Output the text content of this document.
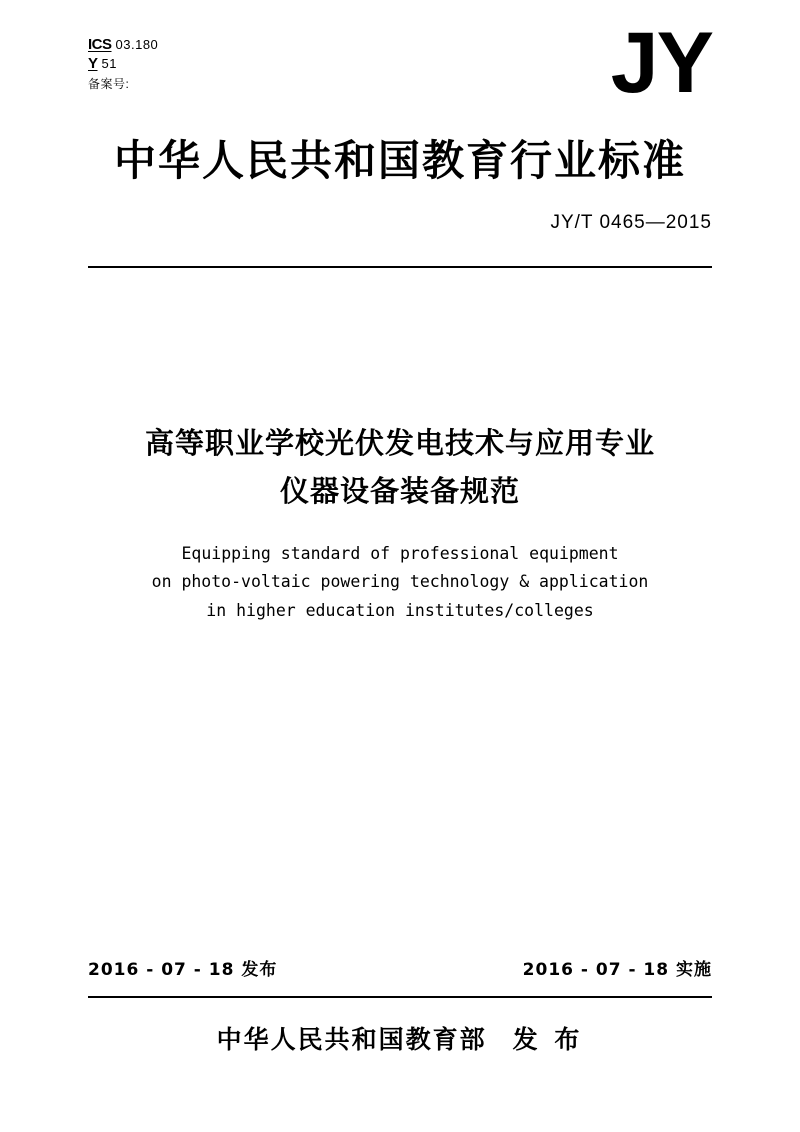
ICS 03.180
Y 51
备案号:	JY
中华人民共和国教育行业标准
JY/T 0465—2015
高等职业学校光伏发电技术与应用专业
仪器设备装备规范
Equipping standard of professional equipment
on photo-voltaic powering technology & application
in higher education institutes/colleges
2016 - 07 - 18 发布	2016 - 07 - 18 实施
中华人民共和国教育部 发 布
